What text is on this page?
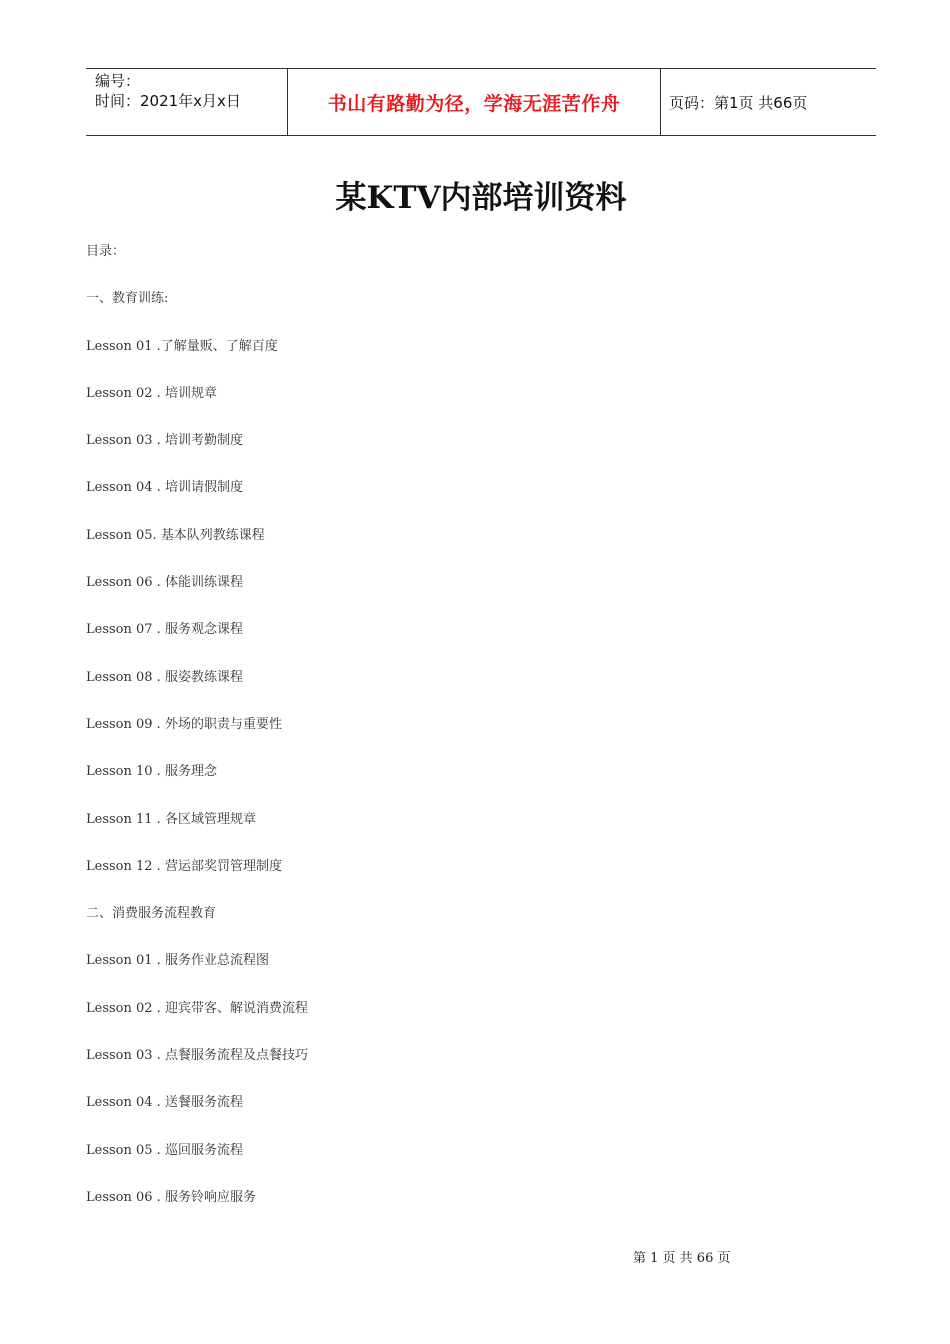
编号：
时间：2021年x月x日	书山有路勤为径，学海无涯苦作舟	页码：第1页 共66页
某KTV内部培训资料
目录：
一、教育训练:
Lesson 01 .了解量贩、了解百度
Lesson 02 . 培训规章
Lesson 03 . 培训考勤制度
Lesson 04 . 培训请假制度
Lesson 05. 基本队列教练课程
Lesson 06 . 体能训练课程
Lesson 07 . 服务观念课程
Lesson 08 . 服姿教练课程
Lesson 09 . 外场的职责与重要性
Lesson 10 . 服务理念
Lesson 11 . 各区域管理规章
Lesson 12 . 营运部奖罚管理制度
二、消费服务流程教育
Lesson 01 . 服务作业总流程图
Lesson 02 . 迎宾带客、解说消费流程
Lesson 03 . 点餐服务流程及点餐技巧
Lesson 04 . 送餐服务流程
Lesson 05 . 巡回服务流程
Lesson 06 . 服务铃响应服务
第 1 页 共 66 页
